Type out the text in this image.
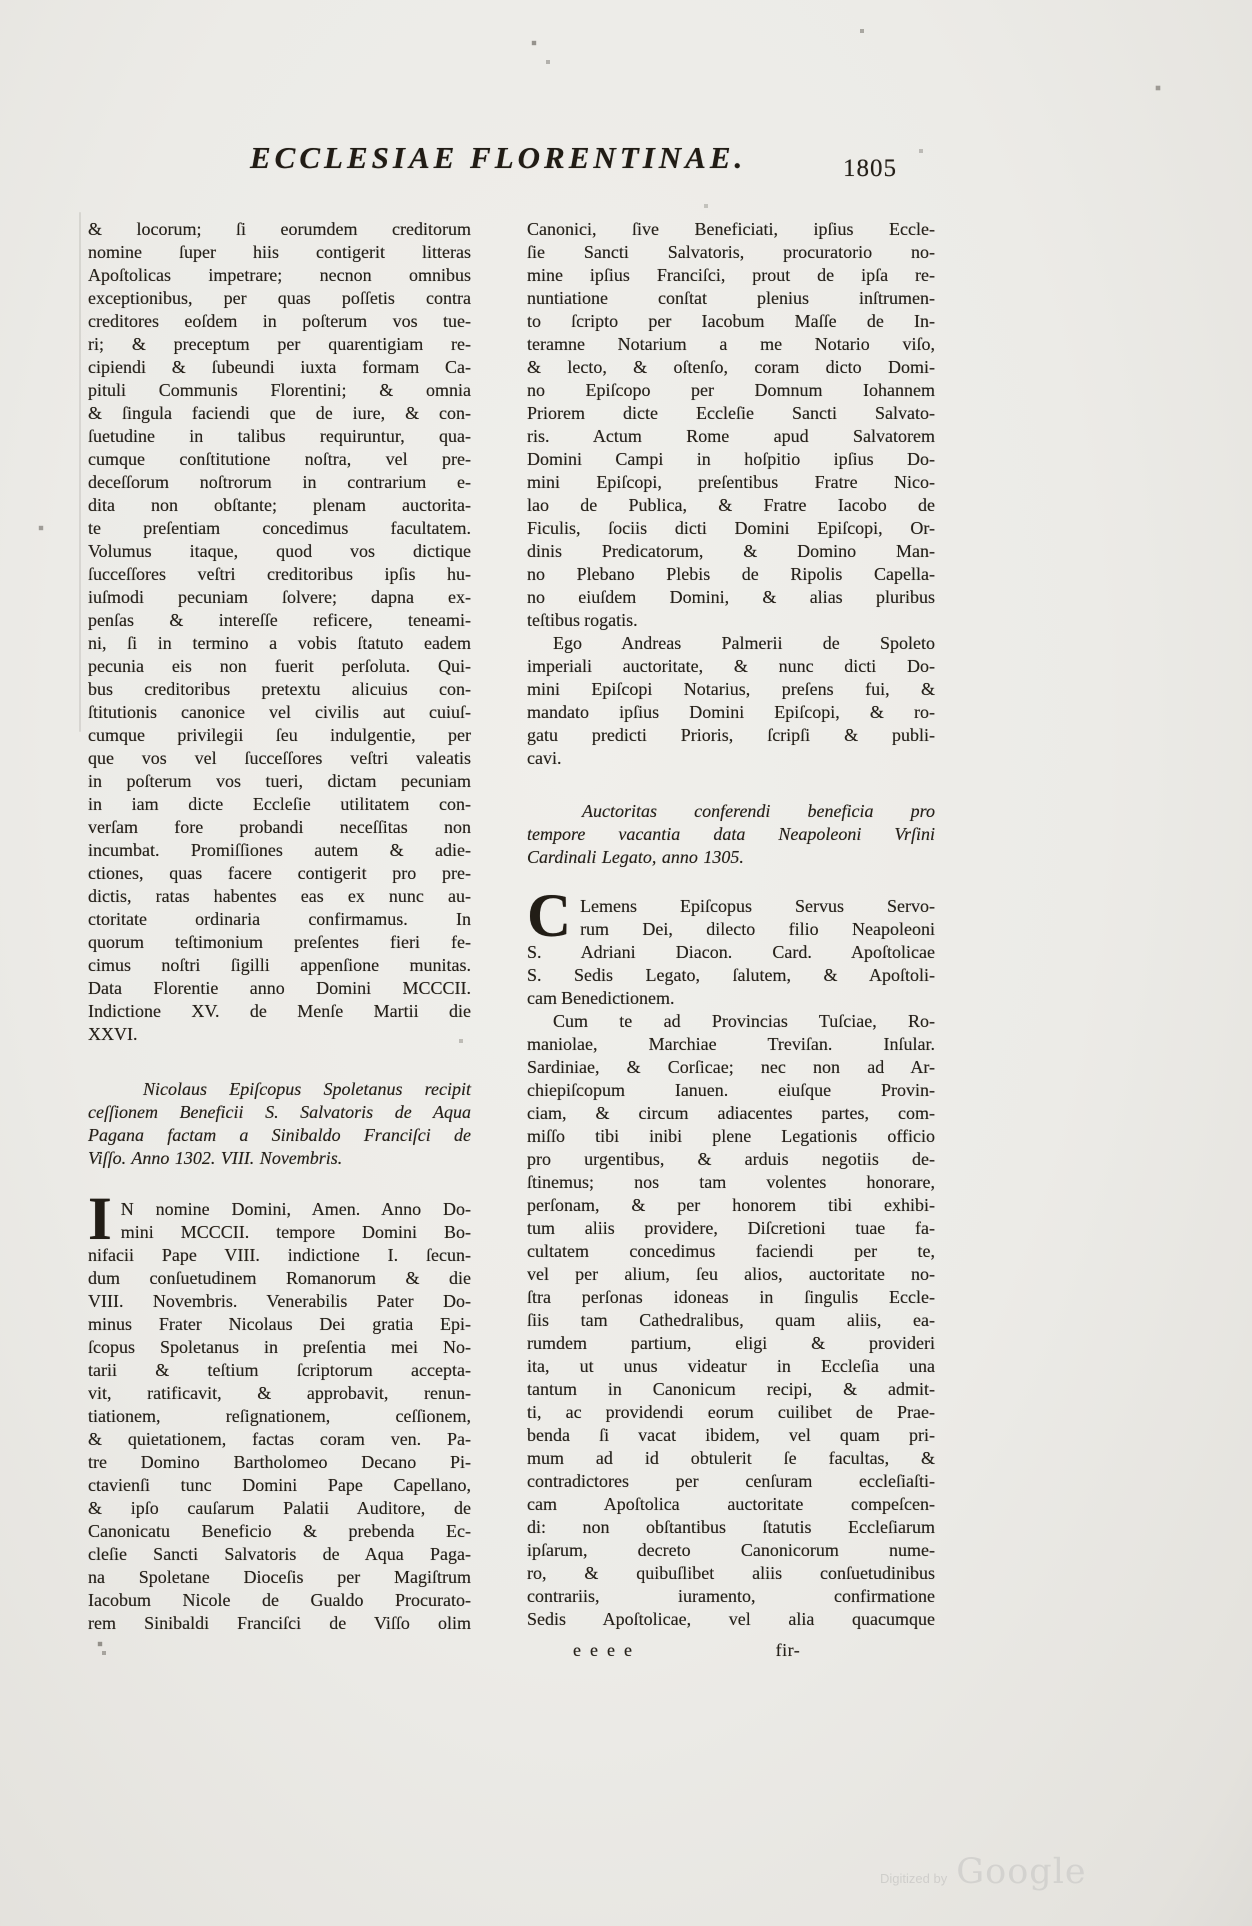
ECCLESIAE FLORENTINAE.	1805
& locorum; ſi eorumdem creditorum
nomine ſuper hiis contigerit litteras
Apoſtolicas impetrare; necnon omnibus
exceptionibus, per quas poſſetis contra
creditores eoſdem in poſterum vos tue-
ri; & preceptum per quarentigiam re-
cipiendi & ſubeundi iuxta formam Ca-
pituli Communis Florentini; & omnia
& ſingula faciendi que de iure, & con-
ſuetudine in talibus requiruntur, qua-
cumque conſtitutione noſtra, vel pre-
deceſſorum noſtrorum in contrarium e-
dita non obſtante; plenam auctorita-
te preſentiam concedimus facultatem.
Volumus itaque, quod vos dictique
ſucceſſores veſtri creditoribus ipſis hu-
iuſmodi pecuniam ſolvere; dapna ex-
penſas & intereſſe reficere, teneami-
ni, ſi in termino a vobis ſtatuto eadem
pecunia eis non fuerit perſoluta. Qui-
bus creditoribus pretextu alicuius con-
ſtitutionis canonice vel civilis aut cuiuſ-
cumque privilegii ſeu indulgentie, per
que vos vel ſucceſſores veſtri valeatis
in poſterum vos tueri, dictam pecuniam
in iam dicte Eccleſie utilitatem con-
verſam fore probandi neceſſitas non
incumbat. Promiſſiones autem & adie-
ctiones, quas facere contigerit pro pre-
dictis, ratas habentes eas ex nunc au-
ctoritate ordinaria confirmamus. In
quorum teſtimonium preſentes fieri fe-
cimus noſtri ſigilli appenſione munitas.
Data Florentie anno Domini MCCCII.
Indictione XV. de Menſe Martii die
XXVI.
Nicolaus Epiſcopus Spoletanus recipit
ceſſionem Beneficii S. Salvatoris de Aqua
Pagana factam a Sinibaldo Franciſci de
Viſſo. Anno 1302. VIII. Novembris.
I N nomine Domini, Amen. Anno Do-
mini MCCCII. tempore Domini Bo-
nifacii Pape VIII. indictione I. ſecun-
dum conſuetudinem Romanorum & die
VIII. Novembris. Venerabilis Pater Do-
minus Frater Nicolaus Dei gratia Epi-
ſcopus Spoletanus in preſentia mei No-
tarii & teſtium ſcriptorum accepta-
vit, ratificavit, & approbavit, renun-
tiationem, reſignationem, ceſſionem,
& quietationem, factas coram ven. Pa-
tre Domino Bartholomeo Decano Pi-
ctavienſi tunc Domini Pape Capellano,
& ipſo cauſarum Palatii Auditore, de
Canonicatu Beneficio & prebenda Ec-
cleſie Sancti Salvatoris de Aqua Paga-
na Spoletane Dioceſis per Magiſtrum
Iacobum Nicole de Gualdo Procurato-
rem Sinibaldi Franciſci de Viſſo olim
Canonici, ſive Beneficiati, ipſius Eccle-
ſie Sancti Salvatoris, procuratorio no-
mine ipſius Franciſci, prout de ipſa re-
nuntiatione conſtat plenius inſtrumen-
to ſcripto per Iacobum Maſſe de In-
teramne Notarium a me Notario viſo,
& lecto, & oſtenſo, coram dicto Domi-
no Epiſcopo per Domnum Iohannem
Priorem dicte Eccleſie Sancti Salvato-
ris. Actum Rome apud Salvatorem
Domini Campi in hoſpitio ipſius Do-
mini Epiſcopi, preſentibus Fratre Nico-
lao de Publica, & Fratre Iacobo de
Ficulis, ſociis dicti Domini Epiſcopi, Or-
dinis Predicatorum, & Domino Man-
no Plebano Plebis de Ripolis Capella-
no eiuſdem Domini, & alias pluribus
teſtibus rogatis.
Ego Andreas Palmerii de Spoleto
imperiali auctoritate, & nunc dicti Do-
mini Epiſcopi Notarius, preſens fui, &
mandato ipſius Domini Epiſcopi, & ro-
gatu predicti Prioris, ſcripſi & publi-
cavi.
Auctoritas conferendi beneficia pro
tempore vacantia data Neapoleoni Vrſini
Cardinali Legato, anno 1305.
C Lemens Epiſcopus Servus Servo-
rum Dei, dilecto filio Neapoleoni
S. Adriani Diacon. Card. Apoſtolicae
S. Sedis Legato, ſalutem, & Apoſtoli-
cam Benedictionem.
Cum te ad Provincias Tuſciae, Ro-
maniolae, Marchiae Treviſan. Inſular.
Sardiniae, & Corſicae; nec non ad Ar-
chiepiſcopum Ianuen. eiuſque Provin-
ciam, & circum adiacentes partes, com-
miſſo tibi inibi plene Legationis officio
pro urgentibus, & arduis negotiis de-
ſtinemus; nos tam volentes honorare,
perſonam, & per honorem tibi exhibi-
tum aliis providere, Diſcretioni tuae fa-
cultatem concedimus faciendi per te,
vel per alium, ſeu alios, auctoritate no-
ſtra perſonas idoneas in ſingulis Eccle-
ſiis tam Cathedralibus, quam aliis, ea-
rumdem partium, eligi & provideri
ita, ut unus videatur in Eccleſia una
tantum in Canonicum recipi, & admit-
ti, ac providendi eorum cuilibet de Prae-
benda ſi vacat ibidem, vel quam pri-
mum ad id obtulerit ſe facultas, &
contradictores per cenſuram eccleſiaſti-
cam Apoſtolica auctoritate compeſcen-
di: non obſtantibus ſtatutis Eccleſiarum
ipſarum, decreto Canonicorum nume-
ro, & quibuſlibet aliis conſuetudinibus
contrariis, iuramento, confirmatione
Sedis Apoſtolicae, vel alia quacumque
eeee	fir-
Digitized by Google
